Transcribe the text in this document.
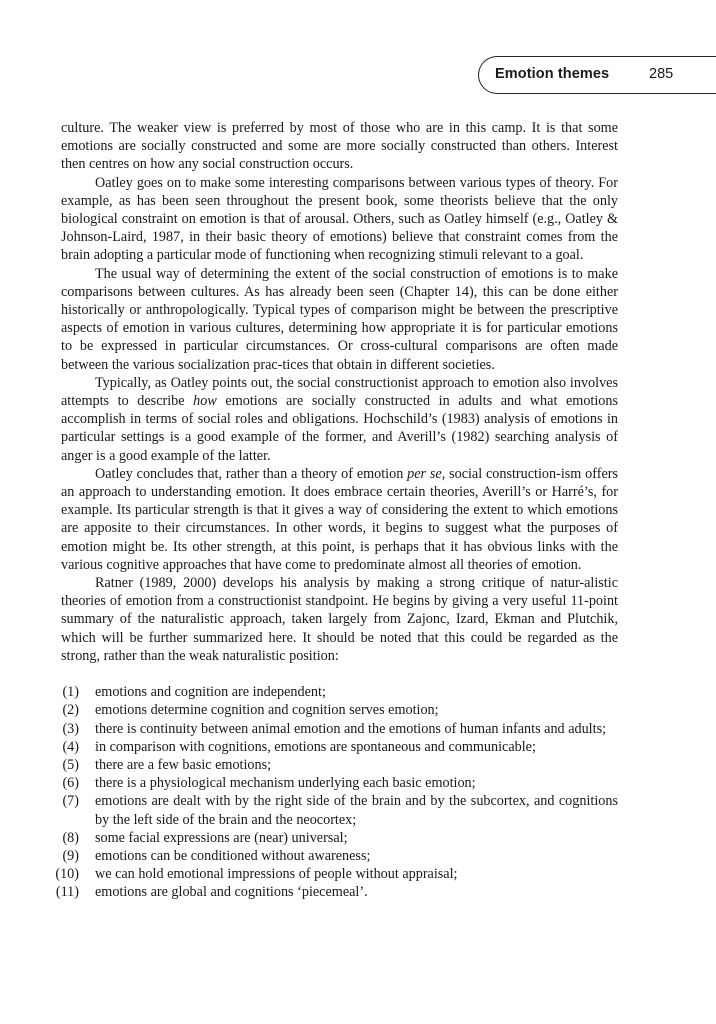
Emotion themes	285

culture. The weaker view is preferred by most of those who are in this camp. It is that some emotions are socially constructed and some are more socially constructed than others. Interest then centres on how any social construction occurs.

Oatley goes on to make some interesting comparisons between various types of theory. For example, as has been seen throughout the present book, some theorists believe that the only biological constraint on emotion is that of arousal. Others, such as Oatley himself (e.g., Oatley & Johnson-Laird, 1987, in their basic theory of emotions) believe that constraint comes from the brain adopting a particular mode of functioning when recognizing stimuli relevant to a goal.

The usual way of determining the extent of the social construction of emotions is to make comparisons between cultures. As has already been seen (Chapter 14), this can be done either historically or anthropologically. Typical types of comparison might be between the prescriptive aspects of emotion in various cultures, determining how appropriate it is for particular emotions to be expressed in particular circumstances. Or cross-cultural comparisons are often made between the various socialization prac-tices that obtain in different societies.

Typically, as Oatley points out, the social constructionist approach to emotion also involves attempts to describe how emotions are socially constructed in adults and what emotions accomplish in terms of social roles and obligations. Hochschild’s (1983) analysis of emotions in particular settings is a good example of the former, and Averill’s (1982) searching analysis of anger is a good example of the latter.

Oatley concludes that, rather than a theory of emotion per se, social construction-ism offers an approach to understanding emotion. It does embrace certain theories, Averill’s or Harré’s, for example. Its particular strength is that it gives a way of considering the extent to which emotions are apposite to their circumstances. In other words, it begins to suggest what the purposes of emotion might be. Its other strength, at this point, is perhaps that it has obvious links with the various cognitive approaches that have come to predominate almost all theories of emotion.

Ratner (1989, 2000) develops his analysis by making a strong critique of natur-alistic theories of emotion from a constructionist standpoint. He begins by giving a very useful 11-point summary of the naturalistic approach, taken largely from Zajonc, Izard, Ekman and Plutchik, which will be further summarized here. It should be noted that this could be regarded as the strong, rather than the weak naturalistic position:

(1) emotions and cognition are independent;
(2) emotions determine cognition and cognition serves emotion;
(3) there is continuity between animal emotion and the emotions of human infants and adults;
(4) in comparison with cognitions, emotions are spontaneous and communicable;
(5) there are a few basic emotions;
(6) there is a physiological mechanism underlying each basic emotion;
(7) emotions are dealt with by the right side of the brain and by the subcortex, and cognitions by the left side of the brain and the neocortex;
(8) some facial expressions are (near) universal;
(9) emotions can be conditioned without awareness;
(10) we can hold emotional impressions of people without appraisal;
(11) emotions are global and cognitions ‘piecemeal’.
